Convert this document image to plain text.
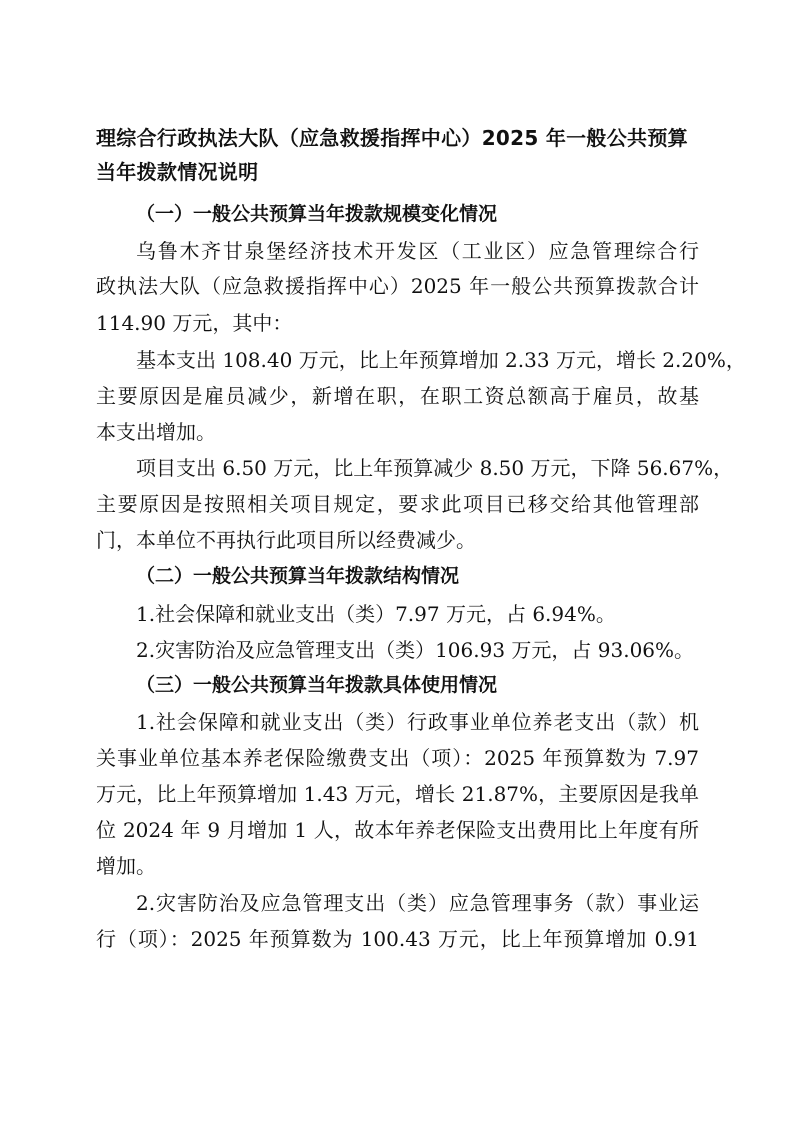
理综合行政执法大队（应急救援指挥中心）2025 年一般公共预算
当年拨款情况说明
（一）一般公共预算当年拨款规模变化情况
乌鲁木齐甘泉堡经济技术开发区（工业区）应急管理综合行
政执法大队（应急救援指挥中心）2025 年一般公共预算拨款合计
114.90 万元，其中：
基本支出 108.40 万元，比上年预算增加 2.33 万元，增长 2.20%，
主要原因是雇员减少，新增在职，在职工资总额高于雇员，故基
本支出增加。
项目支出 6.50 万元，比上年预算减少 8.50 万元，下降 56.67%，
主要原因是按照相关项目规定，要求此项目已移交给其他管理部
门，本单位不再执行此项目所以经费减少。
（二）一般公共预算当年拨款结构情况
1.社会保障和就业支出（类）7.97 万元，占 6.94%。
2.灾害防治及应急管理支出（类）106.93 万元，占 93.06%。
（三）一般公共预算当年拨款具体使用情况
1.社会保障和就业支出（类）行政事业单位养老支出（款）机
关事业单位基本养老保险缴费支出（项）：2025 年预算数为 7.97
万元，比上年预算增加 1.43 万元，增长 21.87%，主要原因是我单
位 2024 年 9 月增加 1 人，故本年养老保险支出费用比上年度有所
增加。
2.灾害防治及应急管理支出（类）应急管理事务（款）事业运
行（项）：2025 年预算数为 100.43 万元，比上年预算增加 0.91
